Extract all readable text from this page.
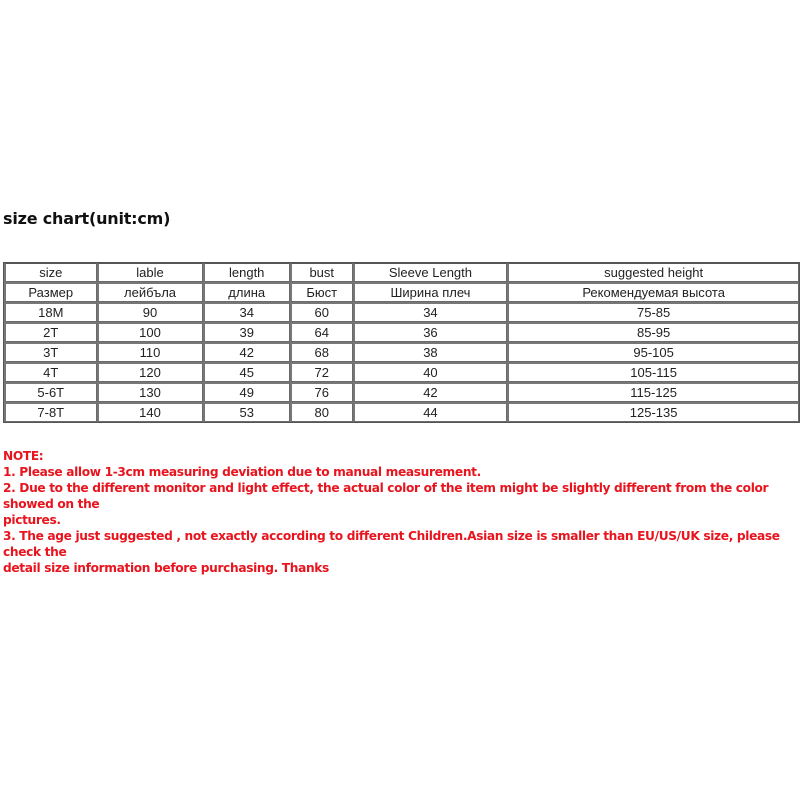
size chart(unit:cm)
size	lable	length	bust	Sleeve Length	suggested height
Размер	лейбъла	длина	Бюст	Ширина плеч	Рекомендуемая высота
18M	90	34	60	34	75-85
2T	100	39	64	36	85-95
3T	110	42	68	38	95-105
4T	120	45	72	40	105-115
5-6T	130	49	76	42	115-125
7-8T	140	53	80	44	125-135
NOTE:
1. Please allow 1-3cm measuring deviation due to manual measurement.
2. Due to the different monitor and light effect, the actual color of the item might be slightly different from the color showed on the
pictures.
3. The age just suggested , not exactly according to different Children.Asian size is smaller than EU/US/UK size, please check the
detail size information before purchasing. Thanks
